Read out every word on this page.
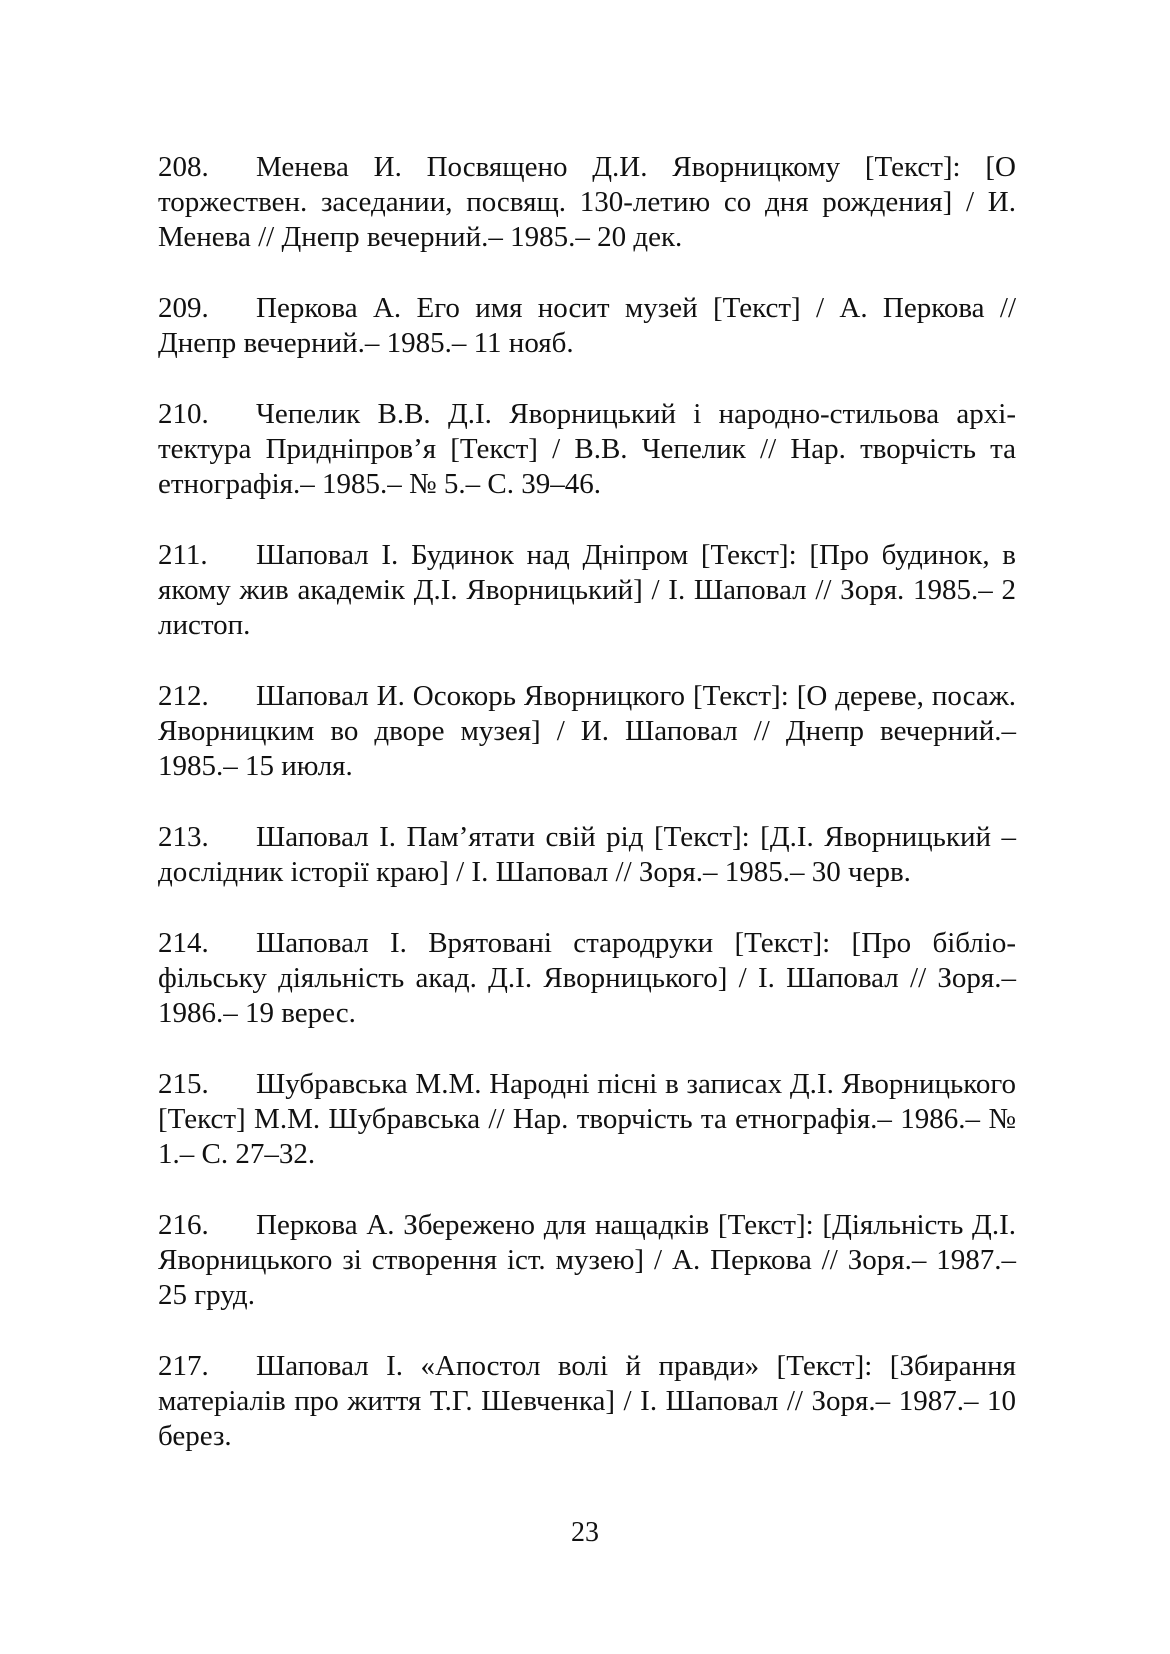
208. Менева И. Посвящено Д.И. Яворницкому [Текст]: [О торжествен. заседании, посвящ. 130-летию со дня рождения] / И. Менева // Днепр вечерний.– 1985.– 20 дек.

209. Перкова А. Его имя носит музей [Текст] / А. Перкова // Днепр вечерний.– 1985.– 11 нояб.

210. Чепелик В.В. Д.І. Яворницький і народно-стильова архітектура Придніпров’я [Текст] / В.В. Чепелик // Нар. творчість та етнографія.– 1985.– № 5.– С. 39–46.

211. Шаповал І. Будинок над Дніпром [Текст]: [Про будинок, в якому жив академік Д.І. Яворницький] / І. Шаповал // Зоря. 1985.– 2 листоп.

212. Шаповал И. Осокорь Яворницкого [Текст]: [О дереве, посаж. Яворницким во дворе музея] / И. Шаповал // Днепр вечерний.– 1985.– 15 июля.

213. Шаповал І. Пам’ятати свій рід [Текст]: [Д.І. Яворницький – дослідник історії краю] / І. Шаповал // Зоря.– 1985.– 30 черв.

214. Шаповал І. Врятовані стародруки [Текст]: [Про бібліофільську діяльність акад. Д.І. Яворницького] / І. Шаповал // Зоря.– 1986.– 19 верес.

215. Шубравська М.М. Народні пісні в записах Д.І. Яворницького [Текст] М.М. Шубравська // Нар. творчість та етнографія.– 1986.– № 1.– С. 27–32.

216. Перкова А. Збережено для нащадків [Текст]: [Діяльність Д.І. Яворницького зі створення іст. музею] / А. Перкова // Зоря.– 1987.– 25 груд.

217. Шаповал І. «Апостол волі й правди» [Текст]: [Збирання матеріалів про життя Т.Г. Шевченка] / І. Шаповал // Зоря.– 1987.– 10 берез.

23
